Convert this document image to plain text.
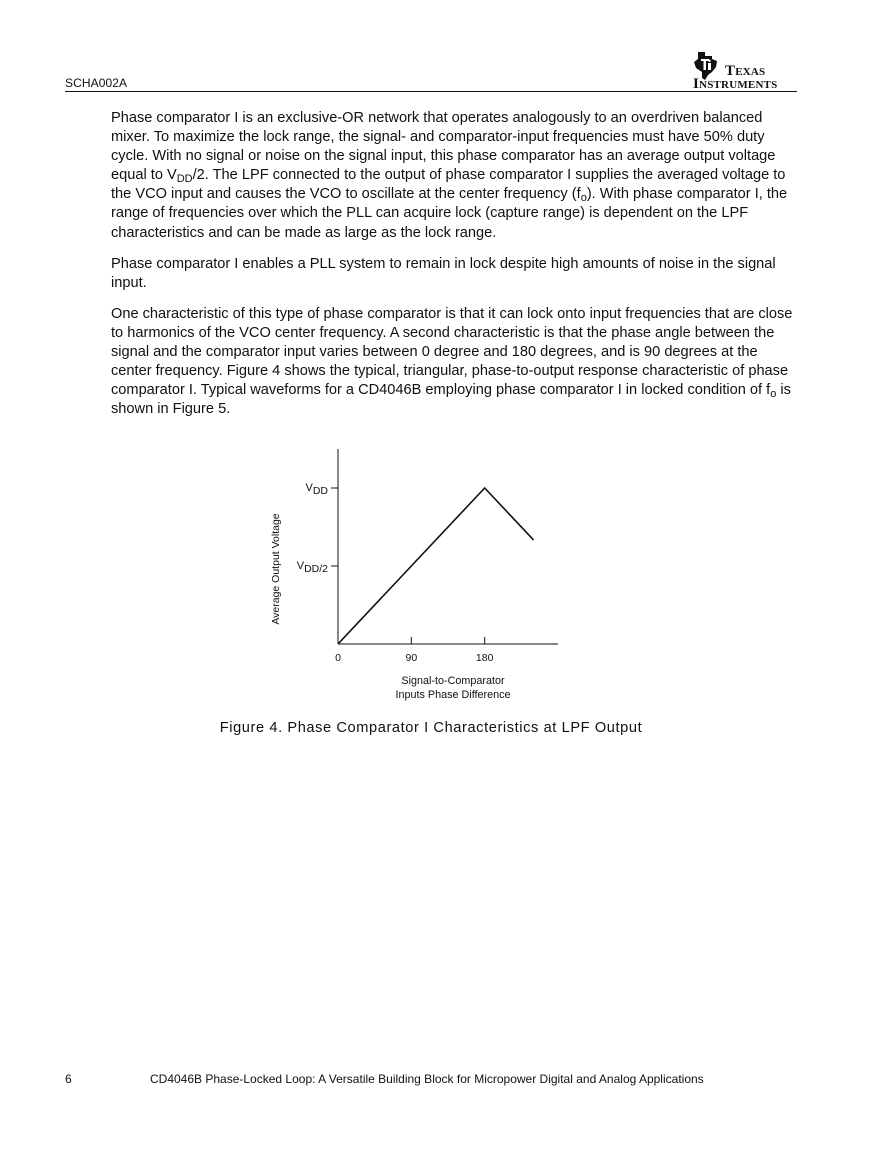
SCHA002A
TEXAS
INSTRUMENTS

Phase comparator I is an exclusive-OR network that operates analogously to an overdriven balanced mixer. To maximize the lock range, the signal- and comparator-input frequencies must have 50% duty cycle. With no signal or noise on the signal input, this phase comparator has an average output voltage equal to $V_{DD}/2$. The LPF connected to the output of phase comparator I supplies the averaged voltage to the VCO input and causes the VCO to oscillate at the center frequency $(f_o)$. With phase comparator I, the range of frequencies over which the PLL can acquire lock (capture range) is dependent on the LPF characteristics and can be made as large as the lock range.

Phase comparator I enables a PLL system to remain in lock despite high amounts of noise in the signal input.

One characteristic of this type of phase comparator is that it can lock onto input frequencies that are close to harmonics of the VCO center frequency. A second characteristic is that the phase angle between the signal and the comparator input varies between 0 degree and 180 degrees, and is 90 degrees at the center frequency. Figure 4 shows the typical, triangular, phase-to-output response characteristic of phase comparator I. Typical waveforms for a CD4046B employing phase comparator I in locked condition of $f_o$ is shown in Figure 5.

0	90	180
VDD
VDD/2
Average Output Voltage
Signal-to-Comparator
Inputs Phase Difference
Figure 4. Phase Comparator I Characteristics at LPF Output
6	CD4046B Phase-Locked Loop: A Versatile Building Block for Micropower Digital and Analog Applications
